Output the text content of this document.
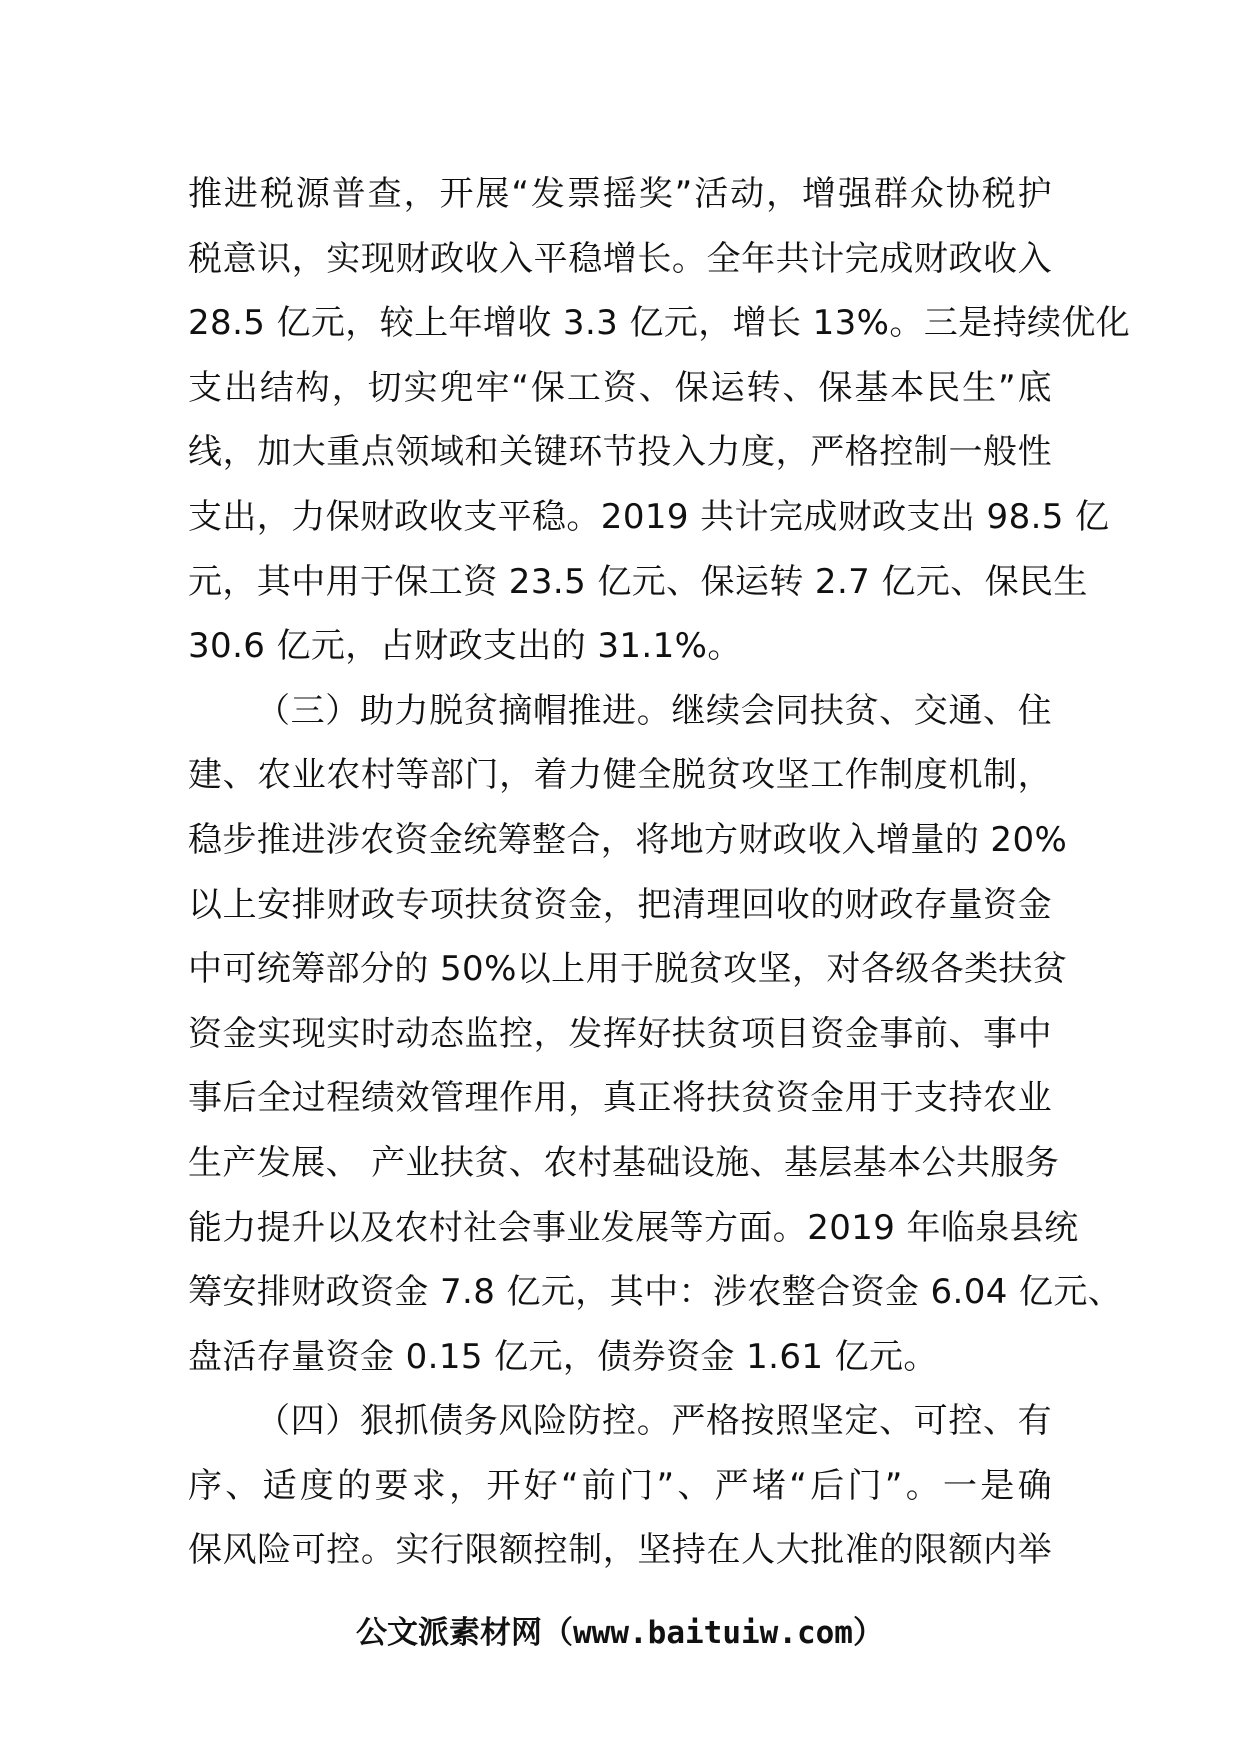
推进税源普查，开展“发票摇奖”活动，增强群众协税护
税意识，实现财政收入平稳增长。全年共计完成财政收入
28.5 亿元，较上年增收 3.3 亿元，增长 13%。三是持续优化
支出结构，切实兜牢“保工资、保运转、保基本民生”底
线，加大重点领域和关键环节投入力度，严格控制一般性
支出，力保财政收支平稳。2019 共计完成财政支出 98.5 亿
元，其中用于保工资 23.5 亿元、保运转 2.7 亿元、保民生
30.6 亿元，占财政支出的 31.1%。
（三）助力脱贫摘帽推进。继续会同扶贫、交通、住
建、农业农村等部门，着力健全脱贫攻坚工作制度机制，
稳步推进涉农资金统筹整合，将地方财政收入增量的 20%
以上安排财政专项扶贫资金，把清理回收的财政存量资金
中可统筹部分的 50%以上用于脱贫攻坚，对各级各类扶贫
资金实现实时动态监控，发挥好扶贫项目资金事前、事中
事后全过程绩效管理作用，真正将扶贫资金用于支持农业
生产发展、 产业扶贫、农村基础设施、基层基本公共服务
能力提升以及农村社会事业发展等方面。2019 年临泉县统
筹安排财政资金 7.8 亿元，其中：涉农整合资金 6.04 亿元、
盘活存量资金 0.15 亿元，债券资金 1.61 亿元。
（四）狠抓债务风险防控。严格按照坚定、可控、有
序、适度的要求，开好“前门”、严堵“后门”。一是确
保风险可控。实行限额控制，坚持在人大批准的限额内举
公文派素材网（www.baituiw.com）
